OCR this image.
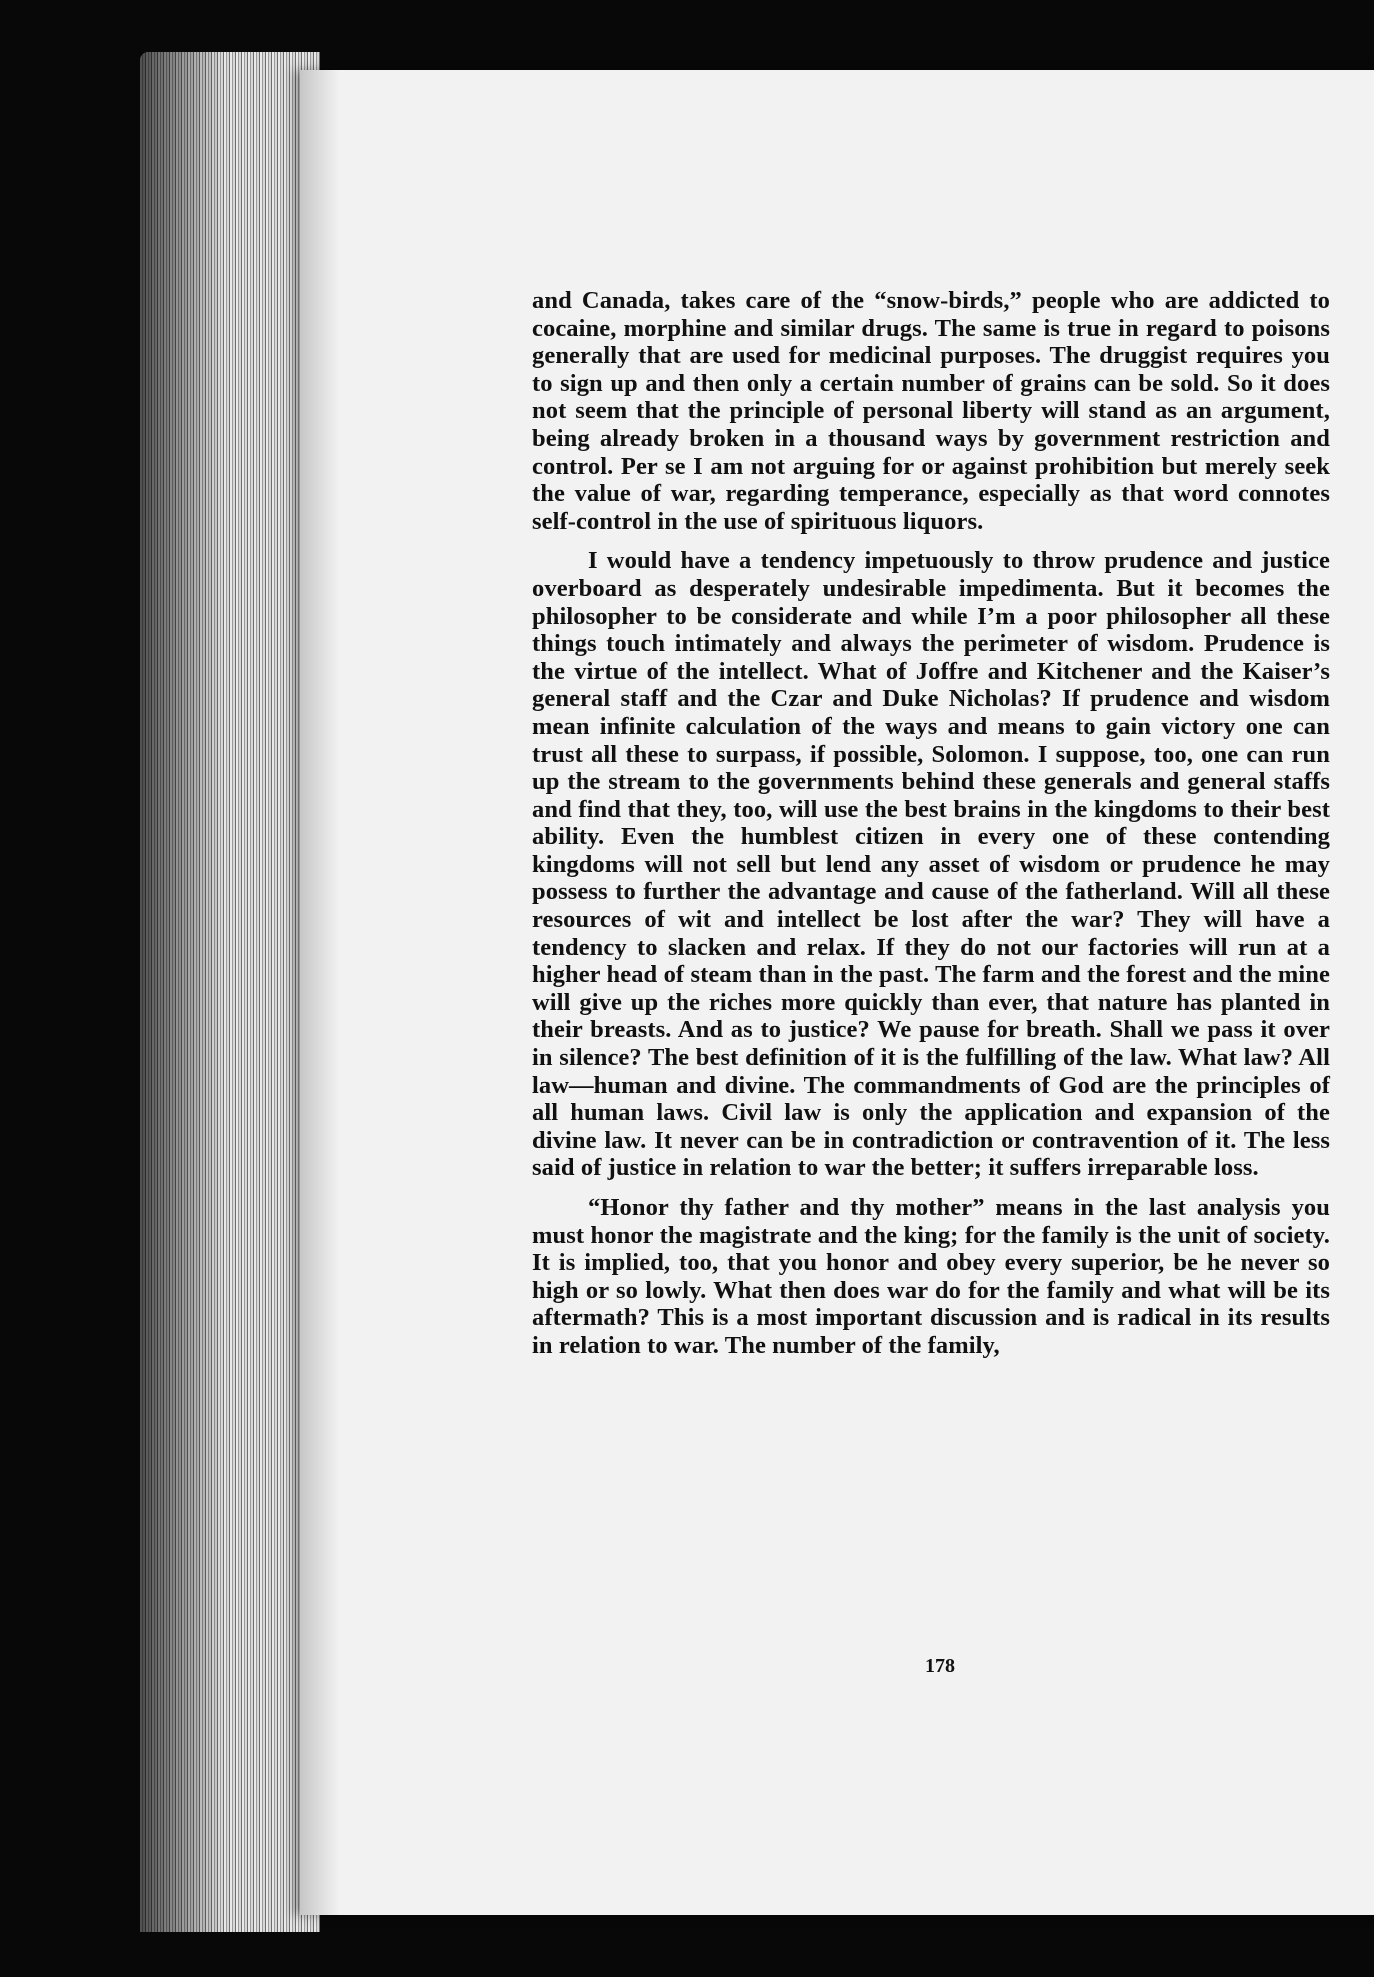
and Canada, takes care of the “snow-birds,” people who are addicted to cocaine, morphine and similar drugs. The same is true in regard to poisons generally that are used for medicinal purposes. The druggist requires you to sign up and then only a certain number of grains can be sold. So it does not seem that the principle of personal liberty will stand as an argument, being already broken in a thousand ways by government restriction and control. Per se I am not arguing for or against prohibition but merely seek the value of war, regarding temperance, especially as that word connotes self-control in the use of spirituous liquors.

I would have a tendency impetuously to throw prudence and justice overboard as desperately undesirable impedimenta. But it becomes the philosopher to be considerate and while I’m a poor philosopher all these things touch intimately and always the perimeter of wisdom. Prudence is the virtue of the intellect. What of Joffre and Kitchener and the Kaiser’s general staff and the Czar and Duke Nicholas? If prudence and wisdom mean infinite calculation of the ways and means to gain victory one can trust all these to surpass, if possible, Solomon. I suppose, too, one can run up the stream to the governments behind these generals and general staffs and find that they, too, will use the best brains in the kingdoms to their best ability. Even the humblest citizen in every one of these contending kingdoms will not sell but lend any asset of wisdom or prudence he may possess to further the advantage and cause of the fatherland. Will all these resources of wit and intellect be lost after the war? They will have a tendency to slacken and relax. If they do not our factories will run at a higher head of steam than in the past. The farm and the forest and the mine will give up the riches more quickly than ever, that nature has planted in their breasts. And as to justice? We pause for breath. Shall we pass it over in silence? The best definition of it is the fulfilling of the law. What law? All law—human and divine. The commandments of God are the principles of all human laws. Civil law is only the application and expansion of the divine law. It never can be in contradiction or contravention of it. The less said of justice in relation to war the better; it suffers irreparable loss.

“Honor thy father and thy mother” means in the last analysis you must honor the magistrate and the king; for the family is the unit of society. It is implied, too, that you honor and obey every superior, be he never so high or so lowly. What then does war do for the family and what will be its aftermath? This is a most important discussion and is radical in its results in relation to war. The number of the family,

178
